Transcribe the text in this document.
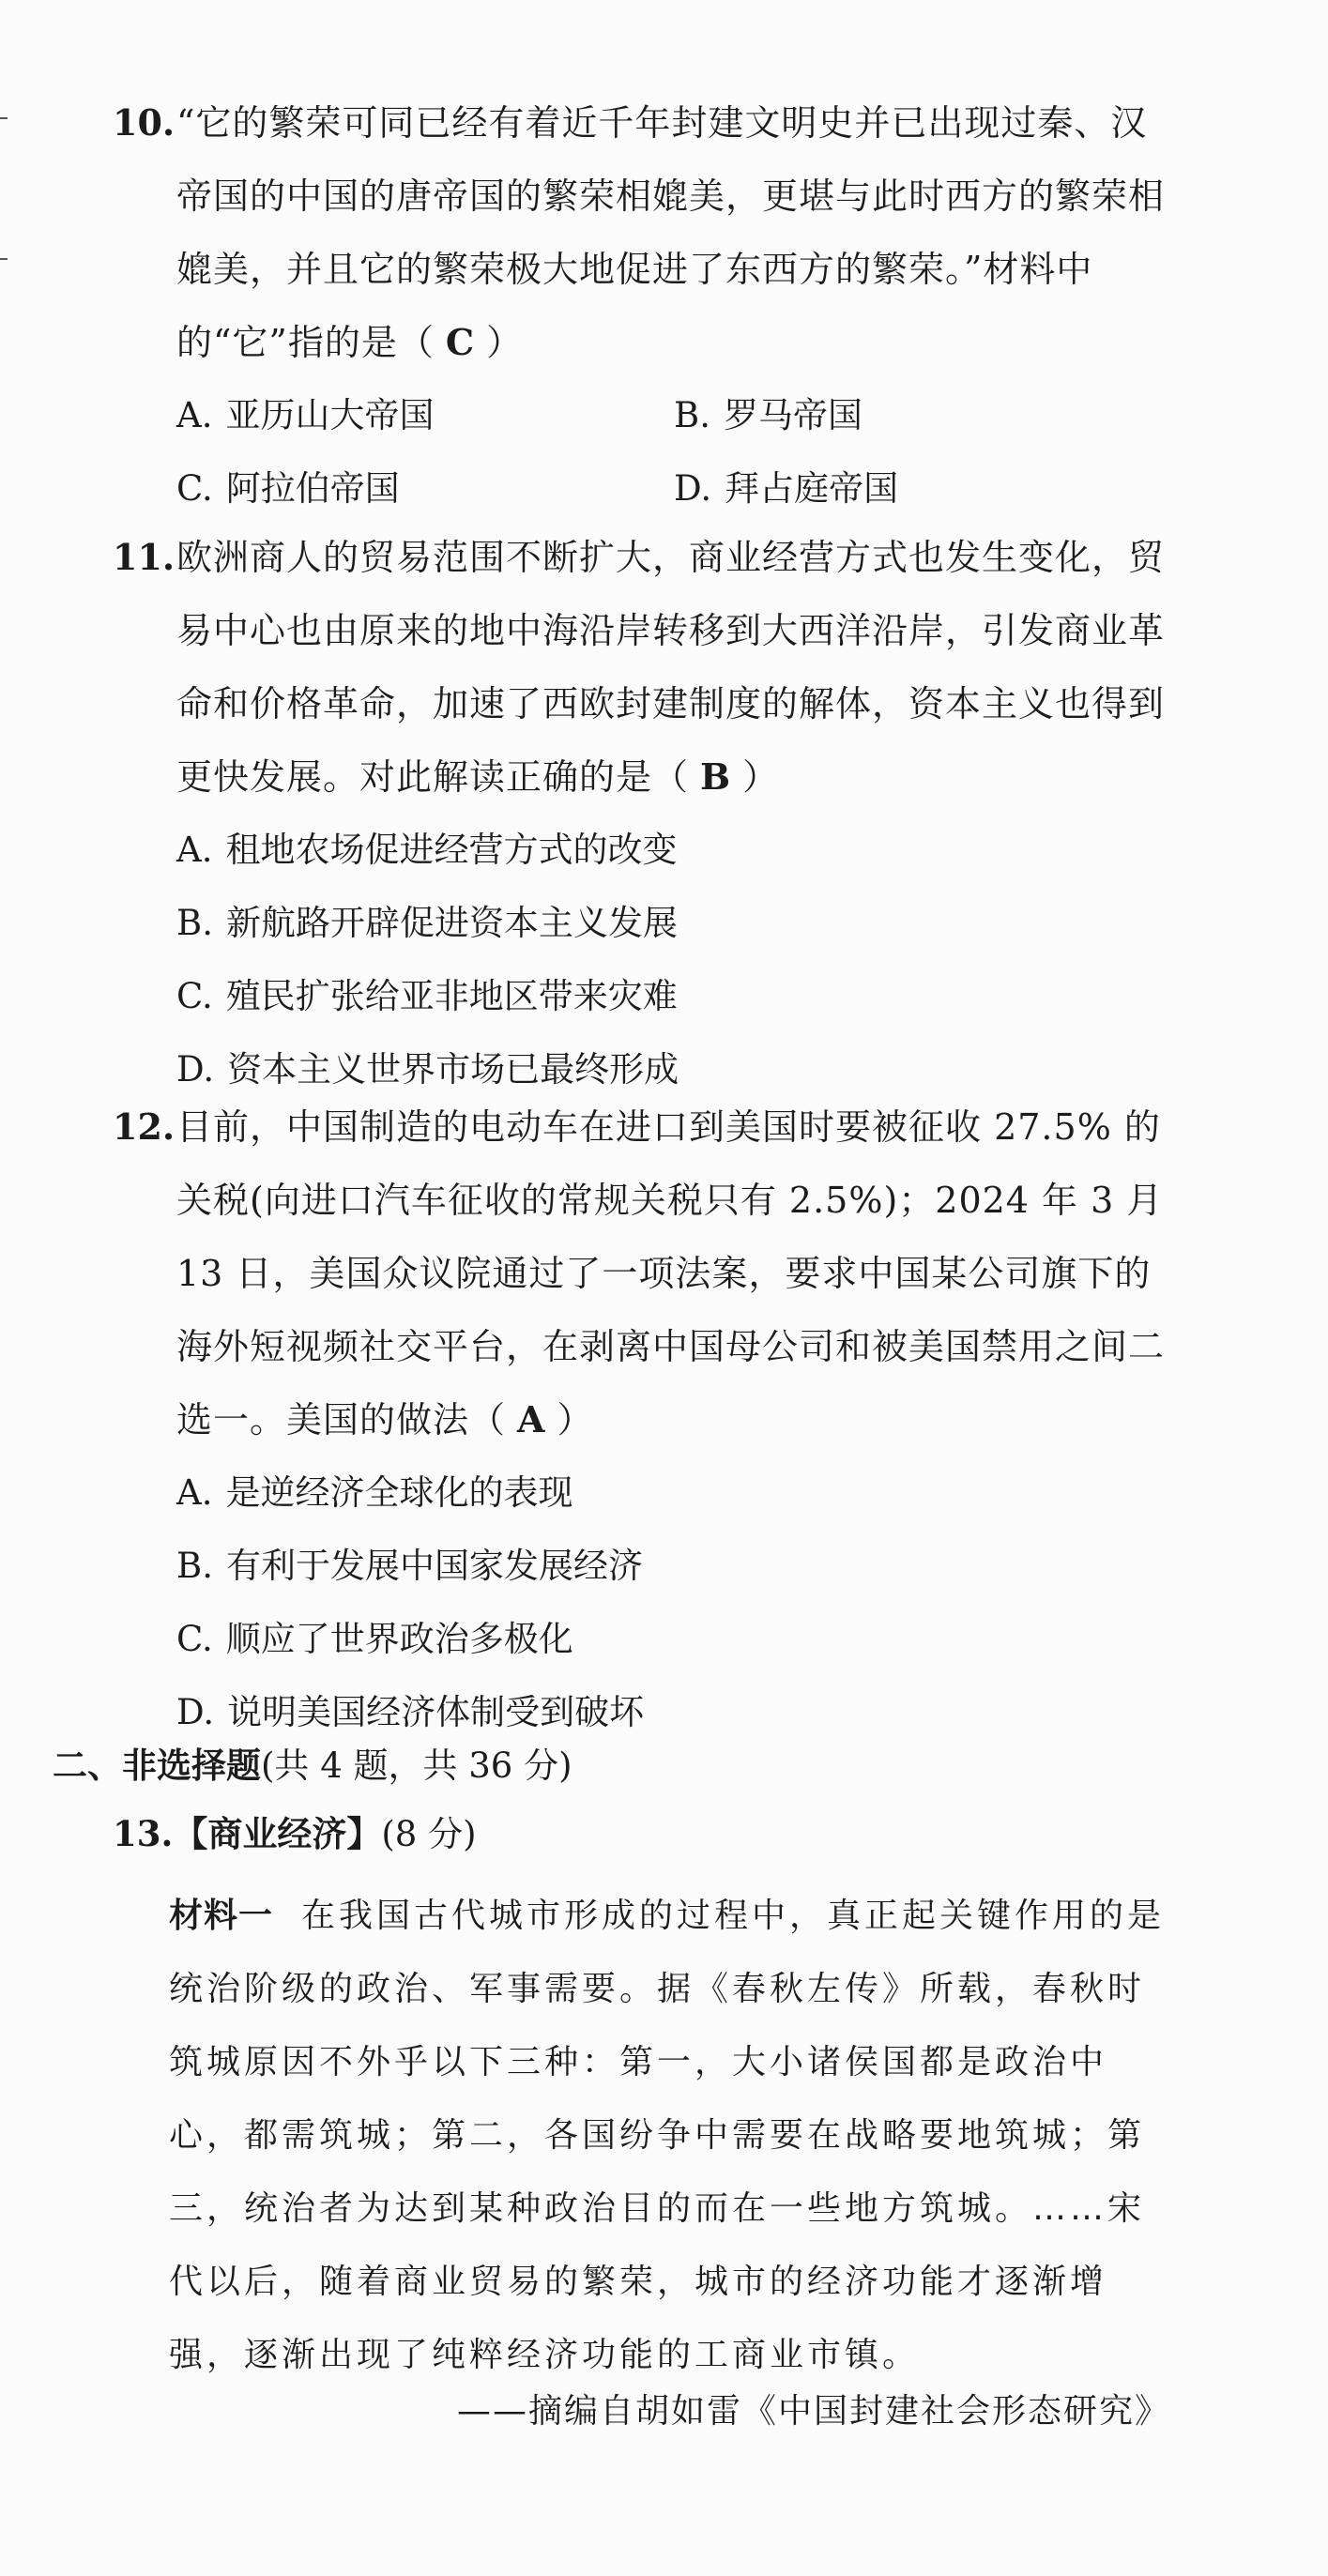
10. “它的繁荣可同已经有着近千年封建文明史并已出现过秦、汉帝国的中国的唐帝国的繁荣相媲美，更堪与此时西方的繁荣相媲美，并且它的繁荣极大地促进了东西方的繁荣。”材料中的“它”指的是（ C ）
A. 亚历山大帝国	B. 罗马帝国
C. 阿拉伯帝国	D. 拜占庭帝国
11. 欧洲商人的贸易范围不断扩大，商业经营方式也发生变化，贸易中心也由原来的地中海沿岸转移到大西洋沿岸，引发商业革命和价格革命，加速了西欧封建制度的解体，资本主义也得到更快发展。对此解读正确的是（ B ）
A. 租地农场促进经营方式的改变
B. 新航路开辟促进资本主义发展
C. 殖民扩张给亚非地区带来灾难
D. 资本主义世界市场已最终形成
12. 目前，中国制造的电动车在进口到美国时要被征收 27.5% 的关税(向进口汽车征收的常规关税只有 2.5%)；2024 年 3 月 13 日，美国众议院通过了一项法案，要求中国某公司旗下的海外短视频社交平台，在剥离中国母公司和被美国禁用之间二选一。美国的做法（ A ）
A. 是逆经济全球化的表现
B. 有利于发展中国家发展经济
C. 顺应了世界政治多极化
D. 说明美国经济体制受到破坏
二、非选择题(共 4 题，共 36 分)
13.【商业经济】(8 分)
材料一 在我国古代城市形成的过程中，真正起关键作用的是统治阶级的政治、军事需要。据《春秋左传》所载，春秋时筑城原因不外乎以下三种：第一，大小诸侯国都是政治中心，都需筑城；第二，各国纷争中需要在战略要地筑城；第三，统治者为达到某种政治目的而在一些地方筑城。……宋代以后，随着商业贸易的繁荣，城市的经济功能才逐渐增强，逐渐出现了纯粹经济功能的工商业市镇。
——摘编自胡如雷《中国封建社会形态研究》
